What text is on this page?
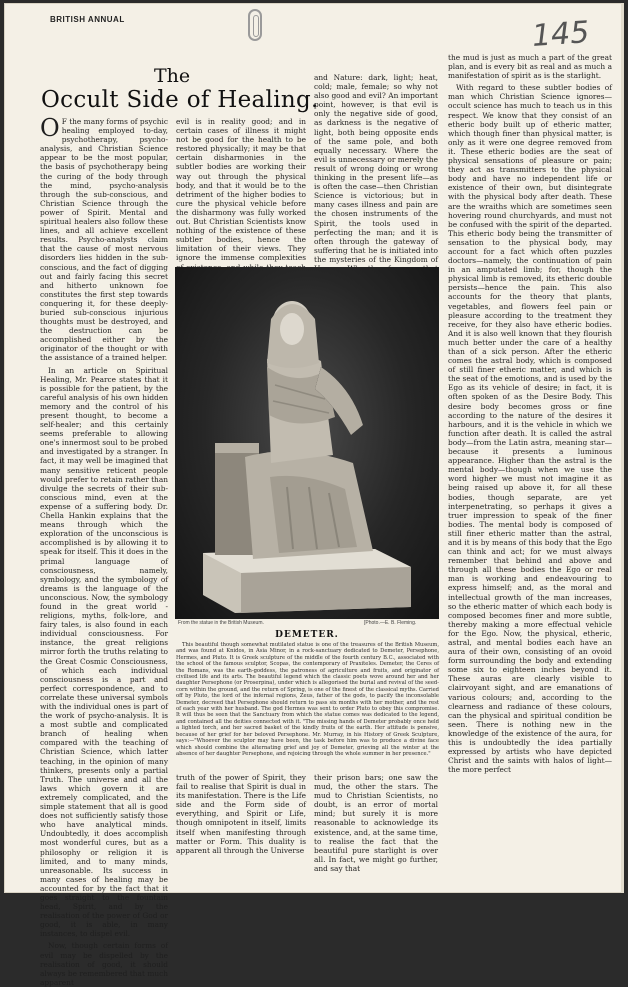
BRITISH ANNUAL	145
The
Occult Side of Healing.

O F the many forms of psychic healing employed to-day, psychotherapy, psycho-analysis, and Christian Science appear to be the most popular, the basis of psychotherapy being the curing of the body through the mind, psycho-analysis through the sub-conscious, and Christian Science through the power of Spirit. Mental and spiritual healers also follow these lines, and all achieve excellent results. Psycho-analysts claim that the cause of most nervous disorders lies hidden in the sub-conscious, and the fact of digging out and fairly facing this secret and hitherto unknown foe constitutes the first step towards conquering it, for these deeply-buried sub-conscious injurious thoughts must be destroyed, and the destruction can be accomplished either by the originator of the thought or with the assistance of a trained helper.

In an article on Spiritual Healing, Mr. Pearce states that it is possible for the patient, by the careful analysis of his own hidden memory and the control of his present thought, to become a self-healer; and this certainly seems preferable to allowing one's innermost soul to be probed and investigated by a stranger. In fact, it may well be imagined that many sensitive reticent people would prefer to retain rather than divulge the secrets of their sub-conscious mind, even at the expense of a suffering body. Dr. Chella Hankin explains that the means through which the exploration of the unconscious is accomplished is by allowing it to speak for itself. This it does in the primal language of consciousness, namely, symbology, and the symbology of dreams is the language of the unconscious. Now, the symbology found in the great world - religions, myths, folk-lore, and fairy tales, is also found in each individual consciousness. For instance, the great religions mirror forth the truths relating to the Great Cosmic Consciousness, of which each individual consciousness is a part and perfect correspondence, and to correlate these universal symbols with the individual ones is part of the work of psycho-analysis. It is a most subtle and complicated branch of healing when compared with the teaching of Christian Science, which latter teaching, in the opinion of many thinkers, presents only a partial Truth. The universe and all the laws which govern it are extremely complicated, and the simple statement that all is good does not sufficiently satisfy those who have analytical minds. Undoubtedly, it does accomplish most wonderful cures, but as a philosophy or religion it is limited, and to many minds, unreasonable. Its success in many cases of healing may be accounted for by the fact that it goes straight to the fountain head, Spirit, and by the realisation of the power of God or good, it is able, in many instances, to dispel evil.

Now, though certain forms of evil may be dispelled by the realisation of good, it should always be remembered that much apparent

evil is in reality good; and in certain cases of illness it might not be good for the health to be restored physically; it may be that certain disharmonies in the subtler bodies are working their way out through the physical body, and that it would be to the detriment of the higher bodies to cure the physical vehicle before the disharmony was fully worked out. But Christian Scientists know nothing of the existence of these subtler bodies, hence the limitation of their views. They ignore the immense complexities

and Nature: dark, light; heat, cold; male, female; so why not also good and evil? An important point, however, is that evil is only the negative side of good, as darkness is the negative of light, both being opposite ends of the same pole, and both equally necessary. Where the evil is unnecessary or merely the result of wrong doing or wrong thinking in the present life—as is often the case—then Christian Science is victorious; but in many cases illness and pain are the chosen instruments of the Spirit, the tools used in perfecting the man; and it is often through the gateway of suffering that he is initiated into the mysteries of the Kingdom of

the mud is just as much a part of the great plan, and is every bit as real and as much a manifestation of spirit as is the starlight.

With regard to these subtler bodies of man which Christian Science ignores—occult science has much to teach us in this respect. We know that they consist of an etheric body built up of etheric matter, which though finer than physical matter, is only as it were one degree removed from it. These etheric bodies are the seat of physical sensations of pleasure or pain; they act as transmitters to the physical body and have no independent life or existence of their own, but disintegrate with the physical body after death. These are the wraiths which are sometimes seen hovering round churchyards, and must not be confused with the spirit of the departed. This etheric body being the transmitter of sensation to the physical body, may account for a fact which often puzzles doctors—namely, the continuation of pain in an amputated limb; for, though the physical limb is removed, its etheric double persists—hence the pain. This also accounts for the theory that plants, vegetables, and flowers feel pain or pleasure according to the treatment they receive, for they also have etheric bodies. And it is also well known that they flourish much better under the care of a healthy than of a sick person. After the etheric comes the astral body, which is composed of still finer etheric matter, and which is the seat of the emotions, and is used by the Ego as its vehicle of desire; in fact, it is often spoken of as the Desire Body. This desire body becomes gross or fine according to the nature of the desires it harbours, and it is the vehicle in which we function after death. It is called the astral body—from the Latin astra, meaning star—because it presents a luminous appearance. Higher than the astral is the mental body—though when we use the word higher we must not imagine it as being raised up above it, for all these bodies, though separate, are yet interpenetrating, so perhaps it gives a truer impression to speak of the finer bodies. The mental body is composed of still finer etheric matter than the astral, and it is by means of this body that the Ego can think and act; for we must always remember that behind and above and through all these bodies the Ego or real man is working and endeavouring to express himself; and, as the moral and intellectual growth of the man increases, so the etheric matter of which each body is composed becomes finer and more subtle, thereby making a more effectual vehicle for the Ego. Now, the physical, etheric, astral, and mental bodies each have an aura of their own, consisting of an ovoid form surrounding the body and extending some six to eighteen inches beyond it. These auras are clearly visible to clairvoyant sight, and are emanations of various colours; and, according to the clearness and radiance of these colours, can the physical and spiritual condition be seen. There is nothing new in the knowledge of the existence of the aura, for this is undoubtedly the idea partially expressed by artists who have depicted Christ and the saints with halos of light—the more perfect

From the statue in the British Museum.	[Photo.—E. B. Fleming.
DEMETER.
This beautiful though somewhat mutilated statue is one of the treasures of the British Museum, and was found at Knidos, in Asia Minor, in a rock-sanctuary dedicated to Demeter, Persephone, Hermes, and Pluto. It is Greek sculpture of the middle of the fourth century B.C., associated with the school of the famous sculptor, Scopas, the contemporary of Praxiteles. Demeter, the Ceres of the Romans, was the earth-goddess, the patroness of agriculture and fruits, and originator of civilised life and its arts. The beautiful legend which the classic poets wove around her and her daughter Persephone (or Proserpina), under which is allegorised the burial and revival of the seed-corn within the ground, and the return of Spring, is one of the finest of the classical myths. Carried off by Pluto, the lord of the infernal regions, Zeus, father of the gods, to pacify the inconsolable Demeter, decreed that Persephone should return to pass six months with her mother, and the rest of each year with her husband. The god Hermes was sent to order Pluto to obey this compromise. It will thus be seen that the Sanctuary from which the statue comes was dedicated to the legend, and contained all the deities connected with it. "The missing hands of Demeter probably once held a lighted torch, and her sacred basket of the kindly fruits of the earth. Her attitude is pensive, because of her grief for her beloved Persephone. Mr. Murray, in his History of Greek Sculpture, says:—"Whoever the sculptor may have been, the task before him was to produce a divine face which should combine the alternating grief and joy of Demeter, grieving all the winter at the absence of her daughter Persephone, and rejoicing through the whole summer in her presence."

truth of the power of Spirit, they fail to realise that Spirit is dual in its manifestation. There is the Life side and the Form side of everything, and Spirit or Life, though omnipotent in itself, limits itself when manifesting through matter or Form. This duality is apparent all through the Universe

their prison bars; one saw the mud, the other the stars. The mud to Christian Scientists, no doubt, is an error of mortal mind; but surely it is more reasonable to acknowledge its existence, and, at the same time, to realise the fact that the beautiful pure starlight is over all. In fact, we might go further, and say that
